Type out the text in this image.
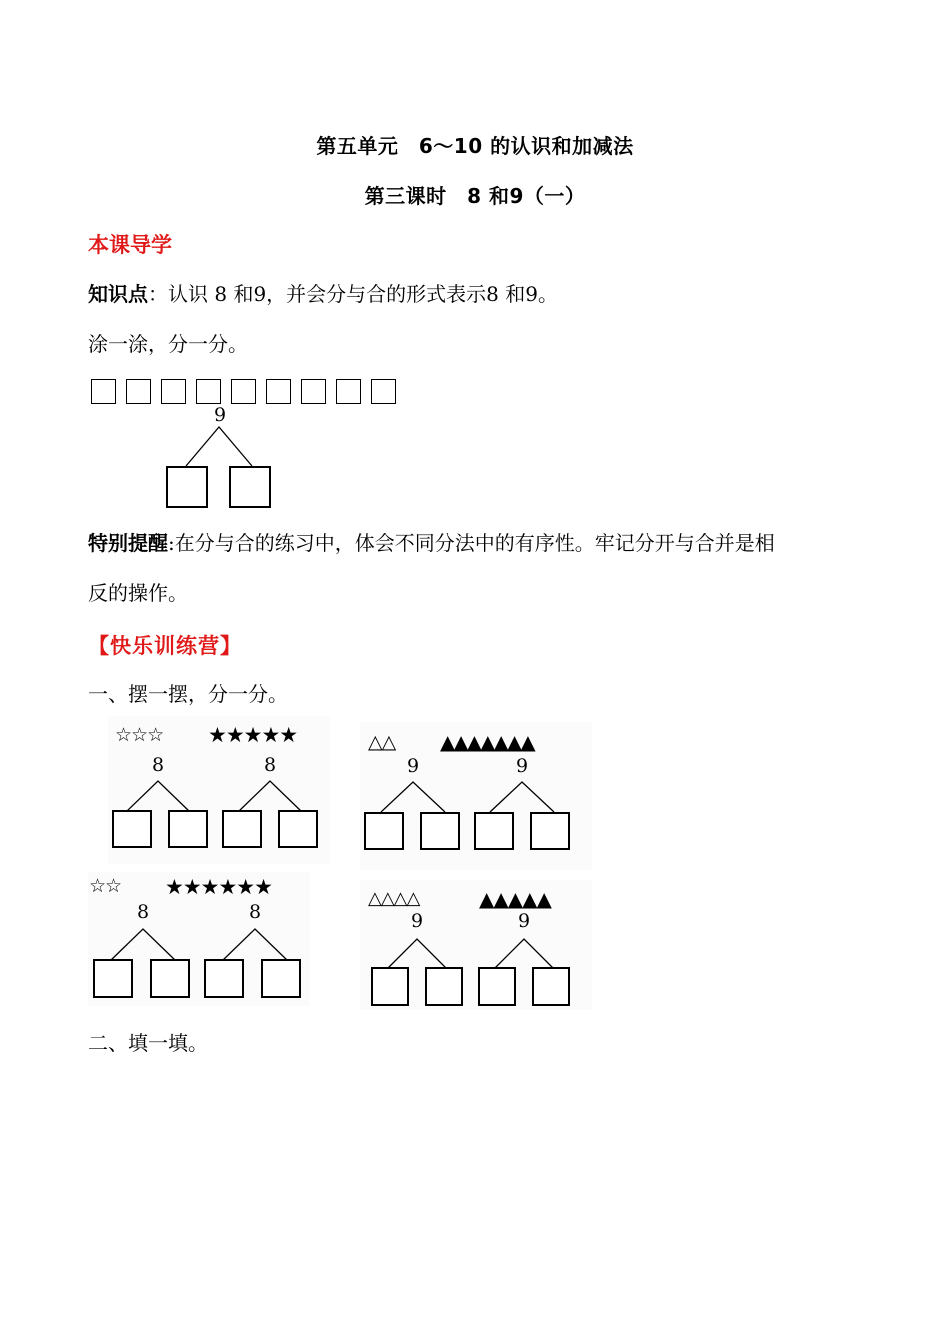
第五单元　6～10 的认识和加减法
第三课时　8 和9（一）
本课导学
知识点：认识 8 和9，并会分与合的形式表示8 和9。
涂一涂，分一分。
9
特别提醒:在分与合的练习中，体会不同分法中的有序性。牢记分开与合并是相
反的操作。
【快乐训练营】
一、摆一摆，分一分。
☆☆☆ ★★★★★
8	8
△△ ▲▲▲▲▲▲▲
9	9
☆☆ ★★★★★★
8	8
△△△△	▲▲▲▲▲
9	9
二、填一填。
